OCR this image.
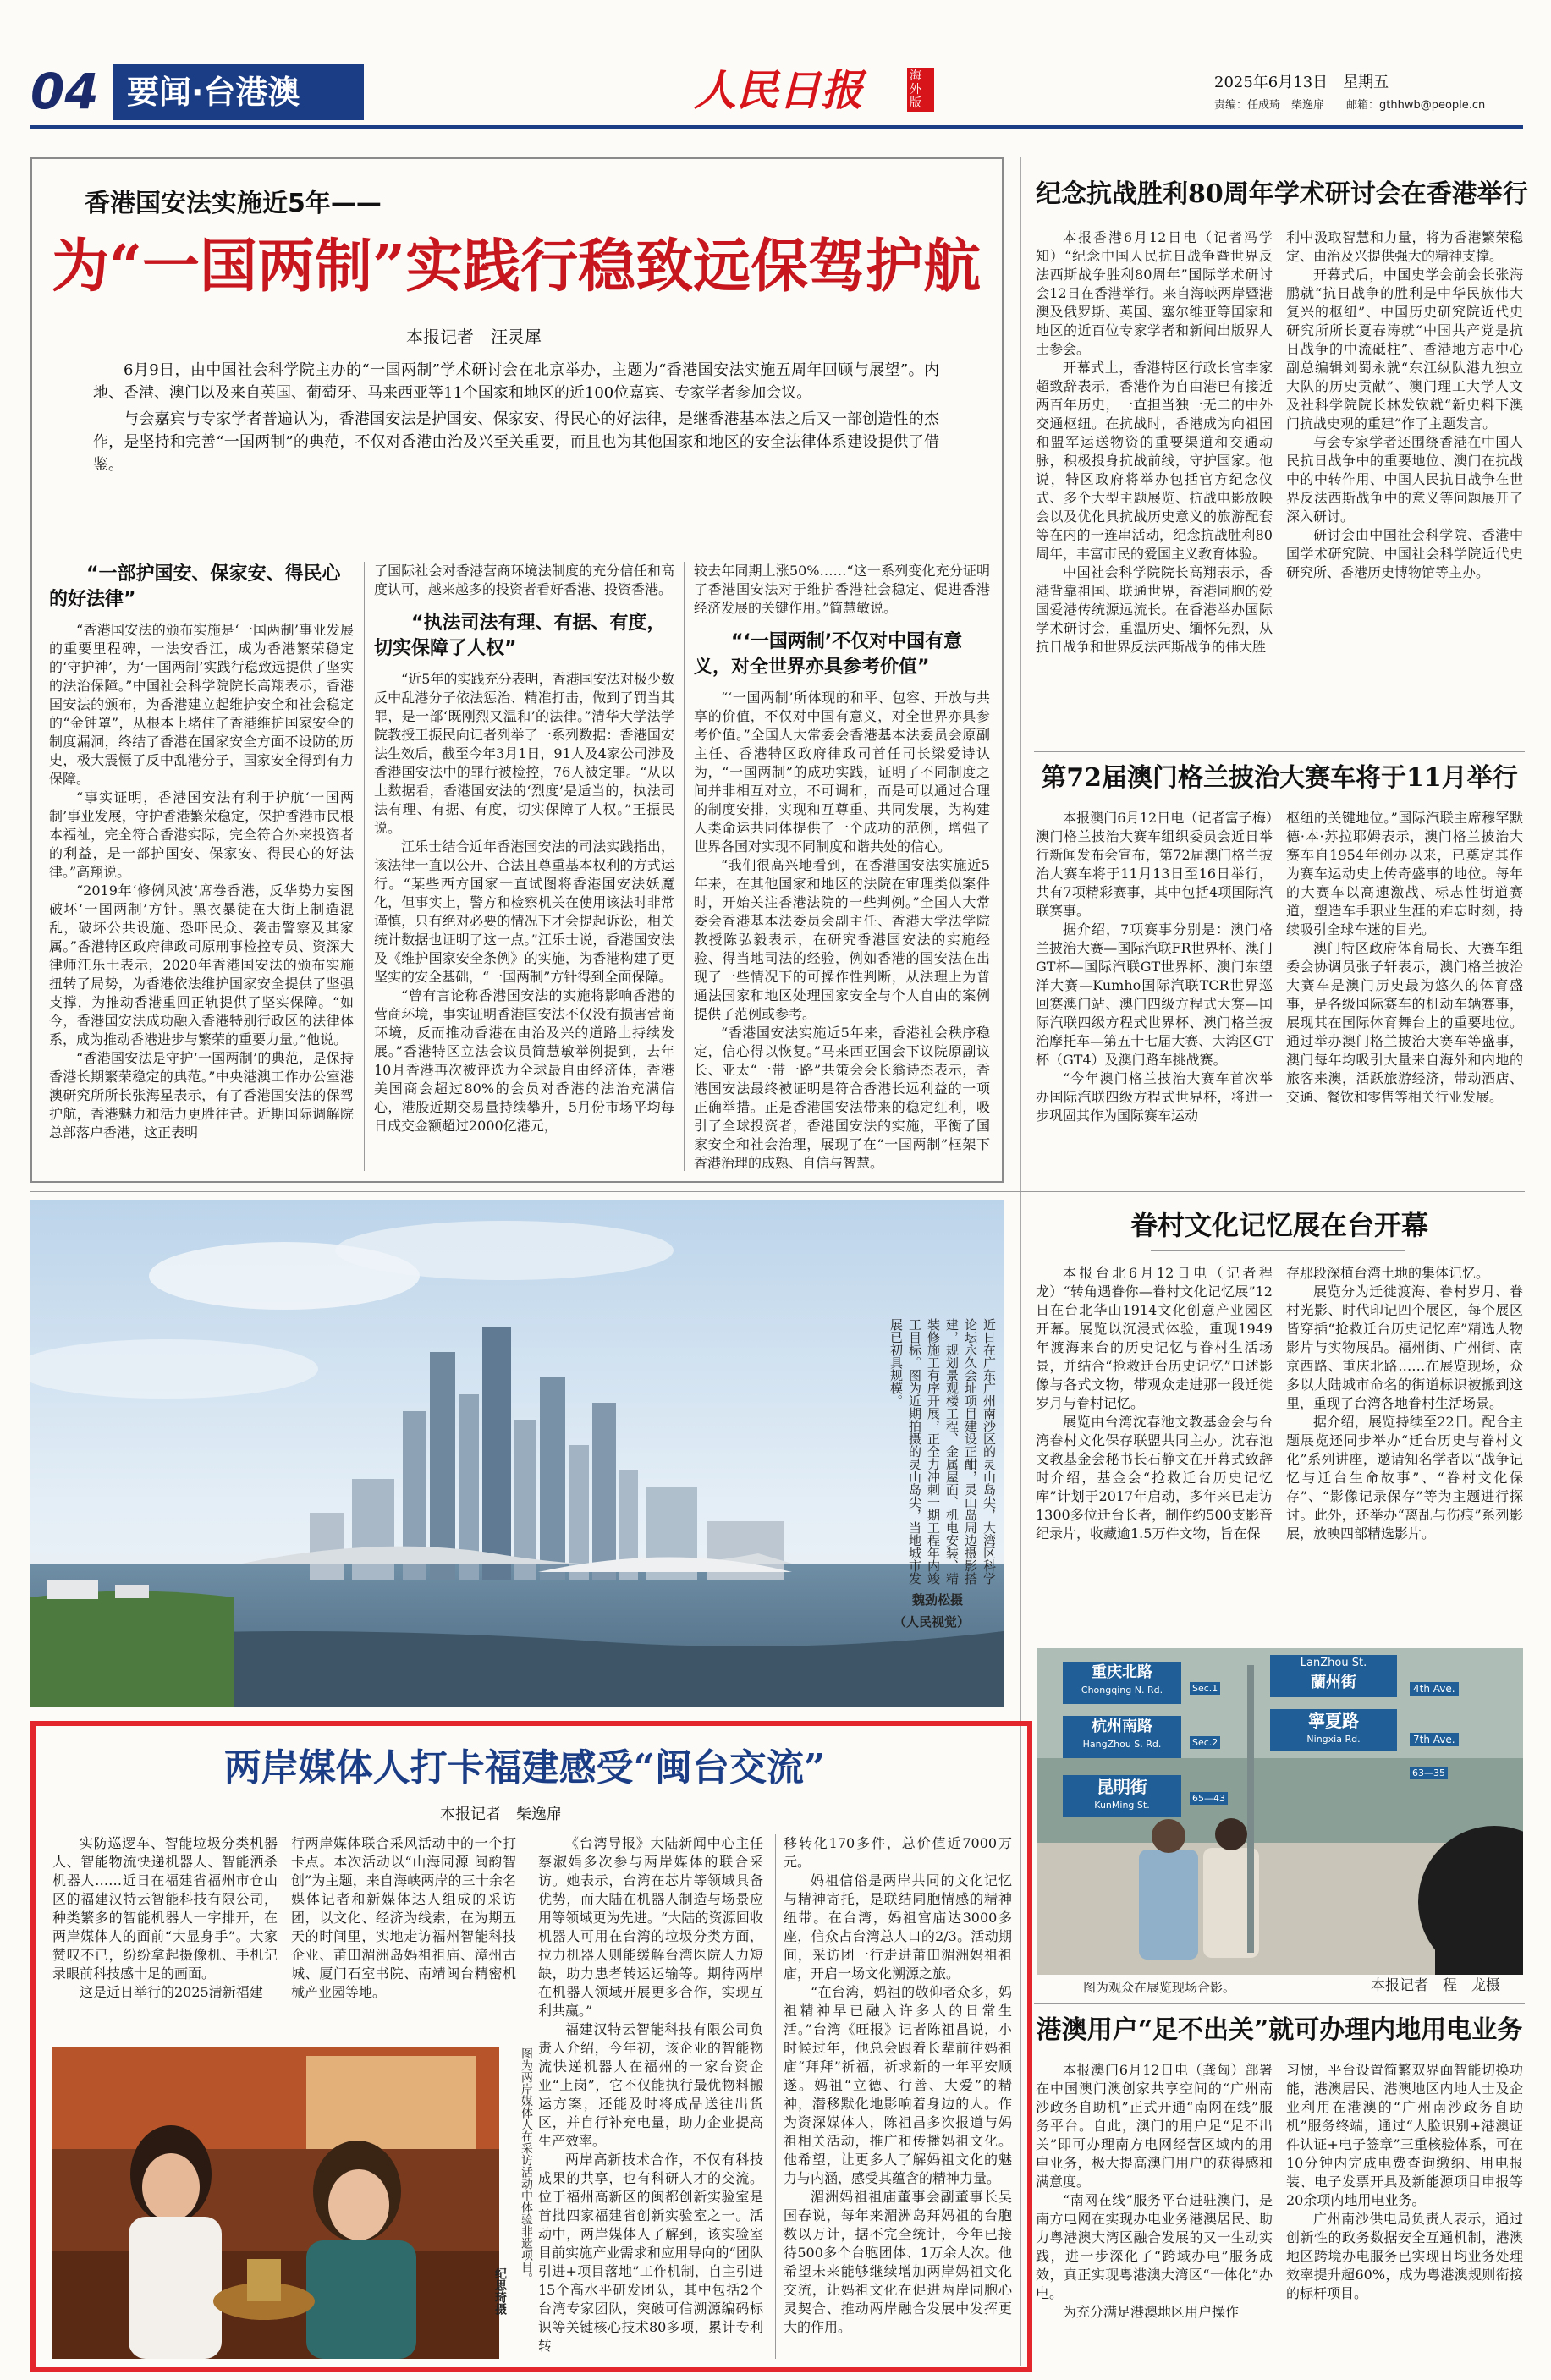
04 要闻·台港澳	人民日报	海外版
2025年6月13日　星期五
责编：任成琦　柴逸扉　　邮箱：gthhwb@people.cn
香港国安法实施近5年——
为“一国两制”实践行稳致远保驾护航
本报记者　汪灵犀

6月9日，由中国社会科学院主办的“一国两制”学术研讨会在北京举办，主题为“香港国安法实施五周年回顾与展望”。内地、香港、澳门以及来自英国、葡萄牙、马来西亚等11个国家和地区的近100位嘉宾、专家学者参加会议。

与会嘉宾与专家学者普遍认为，香港国安法是护国安、保家安、得民心的好法律，是继香港基本法之后又一部创造性的杰作，是坚持和完善“一国两制”的典范，不仅对香港由治及兴至关重要，而且也为其他国家和地区的安全法律体系建设提供了借鉴。

“一部护国安、保家安、得民心的好法律”

“香港国安法的颁布实施是‘一国两制’事业发展的重要里程碑，一法安香江，成为香港繁荣稳定的‘守护神’，为‘一国两制’实践行稳致远提供了坚实的法治保障。”中国社会科学院院长高翔表示，香港国安法的颁布，为香港建立起维护安全和社会稳定的“金钟罩”，从根本上堵住了香港维护国家安全的制度漏洞，终结了香港在国家安全方面不设防的历史，极大震慑了反中乱港分子，国家安全得到有力保障。

“事实证明，香港国安法有利于护航‘一国两制’事业发展，守护香港繁荣稳定，保护香港市民根本福祉，完全符合香港实际，完全符合外来投资者的利益，是一部护国安、保家安、得民心的好法律。”高翔说。

“2019年‘修例风波’席卷香港，反华势力妄图破坏‘一国两制’方针。黑衣暴徒在大街上制造混乱，破坏公共设施、恐吓民众、袭击警察及其家属。”香港特区政府律政司原刑事检控专员、资深大律师江乐士表示，2020年香港国安法的颁布实施扭转了局势，为香港依法维护国家安全提供了坚强支撑，为推动香港重回正轨提供了坚实保障。“如今，香港国安法成功融入香港特别行政区的法律体系，成为推动香港进步与繁荣的重要力量。”他说。

“香港国安法是守护‘一国两制’的典范，是保持香港长期繁荣稳定的典范。”中央港澳工作办公室港澳研究所所长张海星表示，有了香港国安法的保驾护航，香港魅力和活力更胜往昔。近期国际调解院总部落户香港，这正表明

了国际社会对香港营商环境法制度的充分信任和高度认可，越来越多的投资者看好香港、投资香港。

“执法司法有理、有据、有度，切实保障了人权”

“近5年的实践充分表明，香港国安法对极少数反中乱港分子依法惩治、精准打击，做到了罚当其罪，是一部‘既刚烈又温和’的法律。”清华大学法学院教授王振民向记者列举了一系列数据：香港国安法生效后，截至今年3月1日，91人及4家公司涉及香港国安法中的罪行被检控，76人被定罪。“从以上数据看，香港国安法的‘烈度’是适当的，执法司法有理、有据、有度，切实保障了人权。”王振民说。

江乐士结合近年香港国安法的司法实践指出，该法律一直以公开、合法且尊重基本权利的方式运行。“某些西方国家一直试图将香港国安法妖魔化，但事实上，警方和检察机关在使用该法时非常谨慎，只有绝对必要的情况下才会提起诉讼，相关统计数据也证明了这一点。”江乐士说，香港国安法及《维护国家安全条例》的实施，为香港构建了更坚实的安全基础，“一国两制”方针得到全面保障。

“曾有言论称香港国安法的实施将影响香港的营商环境，事实证明香港国安法不仅没有损害营商环境，反而推动香港在由治及兴的道路上持续发展。”香港特区立法会议员简慧敏举例提到，去年10月香港再次被评选为全球最自由经济体，香港美国商会超过80%的会员对香港的法治充满信心，港股近期交易量持续攀升，5月份市场平均每日成交金额超过2000亿港元，

较去年同期上涨50%……“这一系列变化充分证明了香港国安法对于维护香港社会稳定、促进香港经济发展的关键作用。”简慧敏说。

“‘一国两制’不仅对中国有意义，对全世界亦具参考价值”

“‘一国两制’所体现的和平、包容、开放与共享的价值，不仅对中国有意义，对全世界亦具参考价值。”全国人大常委会香港基本法委员会原副主任、香港特区政府律政司首任司长梁爱诗认为，“一国两制”的成功实践，证明了不同制度之间并非相互对立，不可调和，而是可以通过合理的制度安排，实现和互尊重、共同发展，为构建人类命运共同体提供了一个成功的范例，增强了世界各国对实现不同制度和谐共处的信心。

“我们很高兴地看到，在香港国安法实施近5年来，在其他国家和地区的法院在审理类似案件时，开始关注香港法院的一些判例。”全国人大常委会香港基本法委员会副主任、香港大学法学院教授陈弘毅表示，在研究香港国安法的实施经验、得当地司法的经验，例如香港的国安法在出现了一些情况下的可操作性判断，从法理上为普通法国家和地区处理国家安全与个人自由的案例提供了范例或参考。

“香港国安法实施近5年来，香港社会秩序稳定，信心得以恢复。”马来西亚国会下议院原副议长、亚太“一带一路”共策会会长翁诗杰表示，香港国安法最终被证明是符合香港长远利益的一项正确举措。正是香港国安法带来的稳定红利，吸引了全球投资者，香港国安法的实施，平衡了国家安全和社会治理，展现了在“一国两制”框架下香港治理的成熟、自信与智慧。

纪念抗战胜利80周年学术研讨会在香港举行

本报香港6月12日电（记者冯学知）“纪念中国人民抗日战争暨世界反法西斯战争胜利80周年”国际学术研讨会12日在香港举行。来自海峡两岸暨港澳及俄罗斯、英国、塞尔维亚等国家和地区的近百位专家学者和新闻出版界人士参会。

开幕式上，香港特区行政长官李家超致辞表示，香港作为自由港已有接近两百年历史，一直担当独一无二的中外交通枢纽。在抗战时，香港成为向祖国和盟军运送物资的重要渠道和交通动脉，积极投身抗战前线，守护国家。他说，特区政府将举办包括官方纪念仪式、多个大型主题展览、抗战电影放映会以及优化具抗战历史意义的旅游配套等在内的一连串活动，纪念抗战胜利80周年，丰富市民的爱国主义教育体验。

中国社会科学院院长高翔表示，香港背靠祖国、联通世界，香港同胞的爱国爱港传统源远流长。在香港举办国际学术研讨会，重温历史、缅怀先烈，从抗日战争和世界反法西斯战争的伟大胜

利中汲取智慧和力量，将为香港繁荣稳定、由治及兴提供强大的精神支撑。

开幕式后，中国史学会前会长张海鹏就“抗日战争的胜利是中华民族伟大复兴的枢纽”、中国历史研究院近代史研究所所长夏春涛就“中国共产党是抗日战争的中流砥柱”、香港地方志中心副总编辑刘蜀永就“东江纵队港九独立大队的历史贡献”、澳门理工大学人文及社科学院院长林发钦就“新史料下澳门抗战史观的重建”作了主题发言。

与会专家学者还围绕香港在中国人民抗日战争中的重要地位、澳门在抗战中的中转作用、中国人民抗日战争在世界反法西斯战争中的意义等问题展开了深入研讨。

研讨会由中国社会科学院、香港中国学术研究院、中国社会科学院近代史研究所、香港历史博物馆等主办。

第72届澳门格兰披治大赛车将于11月举行

本报澳门6月12日电（记者富子梅）澳门格兰披治大赛车组织委员会近日举行新闻发布会宣布，第72届澳门格兰披治大赛车将于11月13日至16日举行，共有7项精彩赛事，其中包括4项国际汽联赛事。

据介绍，7项赛事分别是：澳门格兰披治大赛—国际汽联FR世界杯、澳门GT杯—国际汽联GT世界杯、澳门东望洋大赛—Kumho国际汽联TCR世界巡回赛澳门站、澳门四级方程式大赛—国际汽联四级方程式世界杯、澳门格兰披治摩托车—第五十七届大赛、大湾区GT杯（GT4）及澳门路车挑战赛。

“今年澳门格兰披治大赛车首次举办国际汽联四级方程式世界杯，将进一步巩固其作为国际赛车运动

枢纽的关键地位。”国际汽联主席穆罕默德·本·苏拉耶姆表示，澳门格兰披治大赛车自1954年创办以来，已奠定其作为赛车运动史上传奇盛事的地位。每年的大赛车以高速激战、标志性街道赛道，塑造车手职业生涯的难忘时刻，持续吸引全球车迷的目光。

澳门特区政府体育局长、大赛车组委会协调员张子轩表示，澳门格兰披治大赛车是澳门历史最为悠久的体育盛事，是各级国际赛车的机动车辆赛事，展现其在国际体育舞台上的重要地位。通过举办澳门格兰披治大赛车等盛事，澳门每年均吸引大量来自海外和内地的旅客来澳，活跃旅游经济，带动酒店、交通、餐饮和零售等相关行业发展。

近日在广东广州南沙区的灵山岛尖，大湾区科学论坛永久会址项目建设正酣，灵山岛周边摄影搭建，规划景观楼工程、金属屋面、机电安装、精装修施工有序开展，正全力冲刺一期工程年内竣工目标。图为近期拍摄的灵山岛尖，当地城市发展已初具规模。
魏劲松摄
（人民视觉）
眷村文化记忆展在台开幕

本报台北6月12日电（记者程龙）“转角遇眷你—眷村文化记忆展”12日在台北华山1914文化创意产业园区开幕。展览以沉浸式体验，重现1949年渡海来台的历史记忆与眷村生活场景，并结合“抢救迁台历史记忆”口述影像与各式文物，带观众走进那一段迁徙岁月与眷村记忆。

展览由台湾沈春池文教基金会与台湾眷村文化保存联盟共同主办。沈春池文教基金会秘书长石静文在开幕式致辞时介绍，基金会“抢救迁台历史记忆库”计划于2017年启动，多年来已走访1300多位迁台长者，制作约500支影音纪录片，收藏逾1.5万件文物，旨在保

存那段深植台湾土地的集体记忆。

展览分为迁徙渡海、眷村岁月、眷村光影、时代印记四个展区，每个展区皆穿插“抢救迁台历史记忆库”精选人物影片与实物展品。福州街、广州街、南京西路、重庆北路……在展览现场，众多以大陆城市命名的街道标识被搬到这里，重现了台湾各地眷村生活场景。

据介绍，展览持续至22日。配合主题展览还同步举办“迁台历史与眷村文化”系列讲座，邀请知名学者以“战争记忆与迁台生命故事”、“眷村文化保存”、“影像记录保存”等为主题进行探讨。此外，还举办“离乱与伤痕”系列影展，放映四部精选影片。

重庆北路
Chongqing N. Rd.
杭州南路
HangZhou S. Rd.
LanZhou St.
蘭州街
寧夏路
Ningxia Rd.
昆明街
KunMing St.
4th Ave.
7th Ave.
Sec.1
Sec.2
63—35
65—43
图为观众在展览现场合影。	本报记者　程　龙摄
港澳用户“足不出关”就可办理内地用电业务

本报澳门6月12日电（龚匈）部署在中国澳门澳创家共享空间的“广州南沙政务自助机”正式开通“南网在线”服务平台。自此，澳门的用户足“足不出关”即可办理南方电网经营区域内的用电业务，极大提高澳门用户的获得感和满意度。

“南网在线”服务平台进驻澳门，是南方电网在实现办电业务港澳居民、助力粤港澳大湾区融合发展的又一生动实践，进一步深化了“跨域办电”服务成效，真正实现粤港澳大湾区“一体化”办电。

为充分满足港澳地区用户操作

习惯，平台设置简繁双界面智能切换功能，港澳居民、港澳地区内地人士及企业利用在港澳的“广州南沙政务自助机”服务终端，通过“人脸识别+港澳证件认证+电子签章”三重核验体系，可在10分钟内完成电费查询缴纳、用电报装、电子发票开具及新能源项目申报等20余项内地用电业务。

广州南沙供电局负责人表示，通过创新性的政务数据安全互通机制，港澳地区跨境办电服务已实现日均业务处理效率提升超60%，成为粤港澳规则衔接的标杆项目。

两岸媒体人打卡福建感受“闽台交流”
本报记者　柴逸扉

实防巡逻车、智能垃圾分类机器人、智能物流快递机器人、智能洒杀机器人……近日在福建省福州市仓山区的福建汉特云智能科技有限公司，种类繁多的智能机器人一字排开，在两岸媒体人的面前“大显身手”。大家赞叹不已，纷纷拿起摄像机、手机记录眼前科技感十足的画面。

这是近日举行的2025清新福建

行两岸媒体联合采风活动中的一个打卡点。本次活动以“山海同源 闽韵智创”为主题，来自海峡两岸的三十余名媒体记者和新媒体达人组成的采访团，以文化、经济为线索，在为期五天的时间里，实地走访福州智能科技企业、莆田湄洲岛妈祖祖庙、漳州古城、厦门石室书院、南靖闽台精密机械产业园等地。

《台湾导报》大陆新闻中心主任蔡淑娟多次参与两岸媒体的联合采访。她表示，台湾在芯片等领域具备优势，而大陆在机器人制造与场景应用等领域更为先进。“大陆的资源回收机器人可用在台湾的垃圾分类方面，拉力机器人则能缓解台湾医院人力短缺，助力患者转运运输等。期待两岸在机器人领域开展更多合作，实现互利共赢。”

福建汉特云智能科技有限公司负责人介绍，今年初，该企业的智能物流快递机器人在福州的一家台资企业“上岗”，它不仅能执行最优物料搬运方案，还能及时将成品送往出货区，并自行补充电量，助力企业提高生产效率。

两岸高新技术合作，不仅有科技成果的共享，也有科研人才的交流。位于福州高新区的闽都创新实验室是首批四家福建省创新实验室之一。活动中，两岸媒体人了解到，该实验室目前实施产业需求和应用导向的“团队引进+项目落地”工作机制，自主引进15个高水平研发团队，其中包括2个台湾专家团队，突破可信溯源编码标识等关键核心技术80多项，累计专利转

移转化170多件，总价值近7000万元。

妈祖信俗是两岸共同的文化记忆与精神寄托，是联结同胞情感的精神纽带。在台湾，妈祖宫庙达3000多座，信众占台湾总人口的2/3。活动期间，采访团一行走进莆田湄洲妈祖祖庙，开启一场文化溯源之旅。

“在台湾，妈祖的敬仰者众多，妈祖精神早已融入许多人的日常生活。”台湾《旺报》记者陈祖昌说，小时候过年，他总会跟着长辈前往妈祖庙“拜拜”祈福，祈求新的一年平安顺遂。妈祖“立德、行善、大爱”的精神，潜移默化地影响着身边的人。作为资深媒体人，陈祖昌多次报道与妈祖相关活动，推广和传播妈祖文化。他希望，让更多人了解妈祖文化的魅力与内涵，感受其蕴含的精神力量。

湄洲妈祖祖庙董事会副董事长吴国春说，每年来湄洲岛拜妈祖的台胞数以万计，据不完全统计，今年已接待500多个台胞团体、1万余人次。他希望未来能够继续增加两岸妈祖文化交流，让妈祖文化在促进两岸同胞心灵契合、推动两岸融合发展中发挥更大的作用。

图为两岸媒体人在采访活动中体验非遗项目。
纪思琦摄
